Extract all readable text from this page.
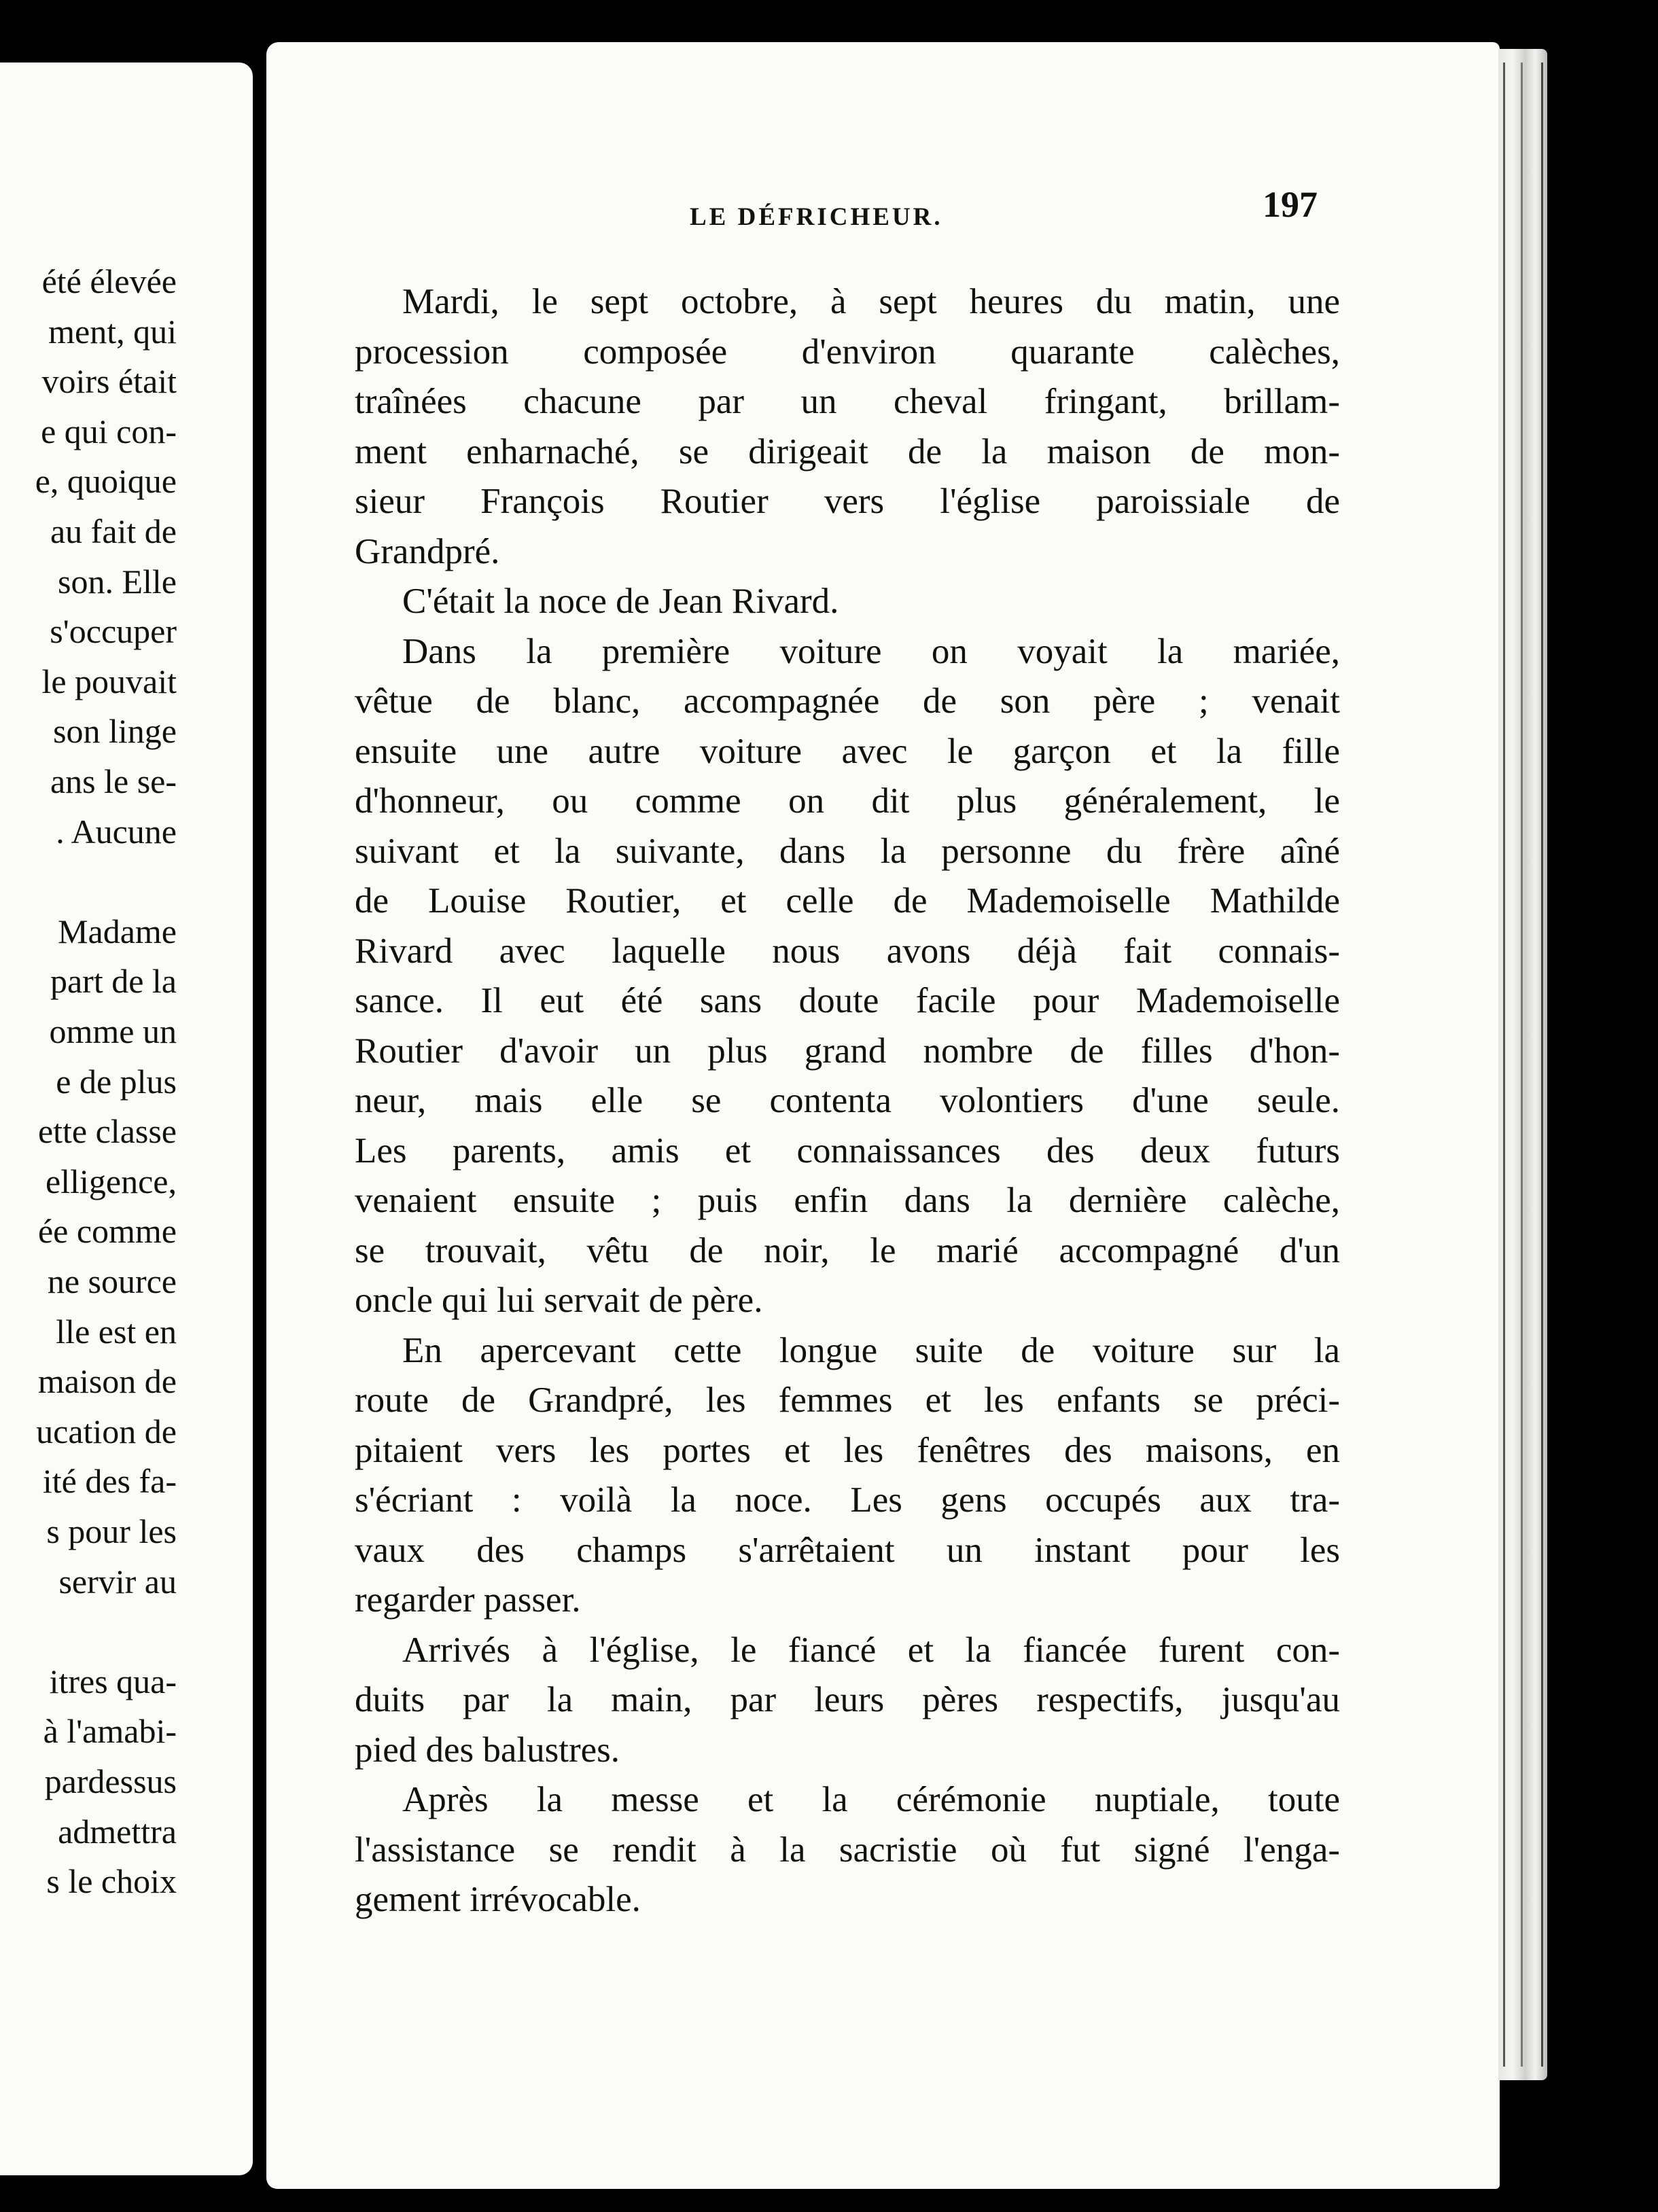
été élevée
ment, qui
voirs était
e qui con-
e, quoique
au fait de
son. Elle
s'occuper
le pouvait
son linge
ans le se-
. Aucune
Madame
part de la
omme un
e de plus
ette classe
elligence,
ée comme
ne source
lle est en
maison de
ucation de
ité des fa-
s pour les
servir au
itres qua-
à l'amabi-
pardessus
admettra
s le choix
LE DÉFRICHEUR.	197
Mardi, le sept octobre, à sept heures du matin, une
procession composée d'environ quarante calèches,
traînées chacune par un cheval fringant, brillam-
ment enharnaché, se dirigeait de la maison de mon-
sieur François Routier vers l'église paroissiale de
Grandpré.
C'était la noce de Jean Rivard.
Dans la première voiture on voyait la mariée,
vêtue de blanc, accompagnée de son père ; venait
ensuite une autre voiture avec le garçon et la fille
d'honneur, ou comme on dit plus généralement, le
suivant et la suivante, dans la personne du frère aîné
de Louise Routier, et celle de Mademoiselle Mathilde
Rivard avec laquelle nous avons déjà fait connais-
sance. Il eut été sans doute facile pour Mademoiselle
Routier d'avoir un plus grand nombre de filles d'hon-
neur, mais elle se contenta volontiers d'une seule.
Les parents, amis et connaissances des deux futurs
venaient ensuite ; puis enfin dans la dernière calèche,
se trouvait, vêtu de noir, le marié accompagné d'un
oncle qui lui servait de père.
En apercevant cette longue suite de voiture sur la
route de Grandpré, les femmes et les enfants se préci-
pitaient vers les portes et les fenêtres des maisons, en
s'écriant : voilà la noce. Les gens occupés aux tra-
vaux des champs s'arrêtaient un instant pour les
regarder passer.
Arrivés à l'église, le fiancé et la fiancée furent con-
duits par la main, par leurs pères respectifs, jusqu'au
pied des balustres.
Après la messe et la cérémonie nuptiale, toute
l'assistance se rendit à la sacristie où fut signé l'enga-
gement irrévocable.
